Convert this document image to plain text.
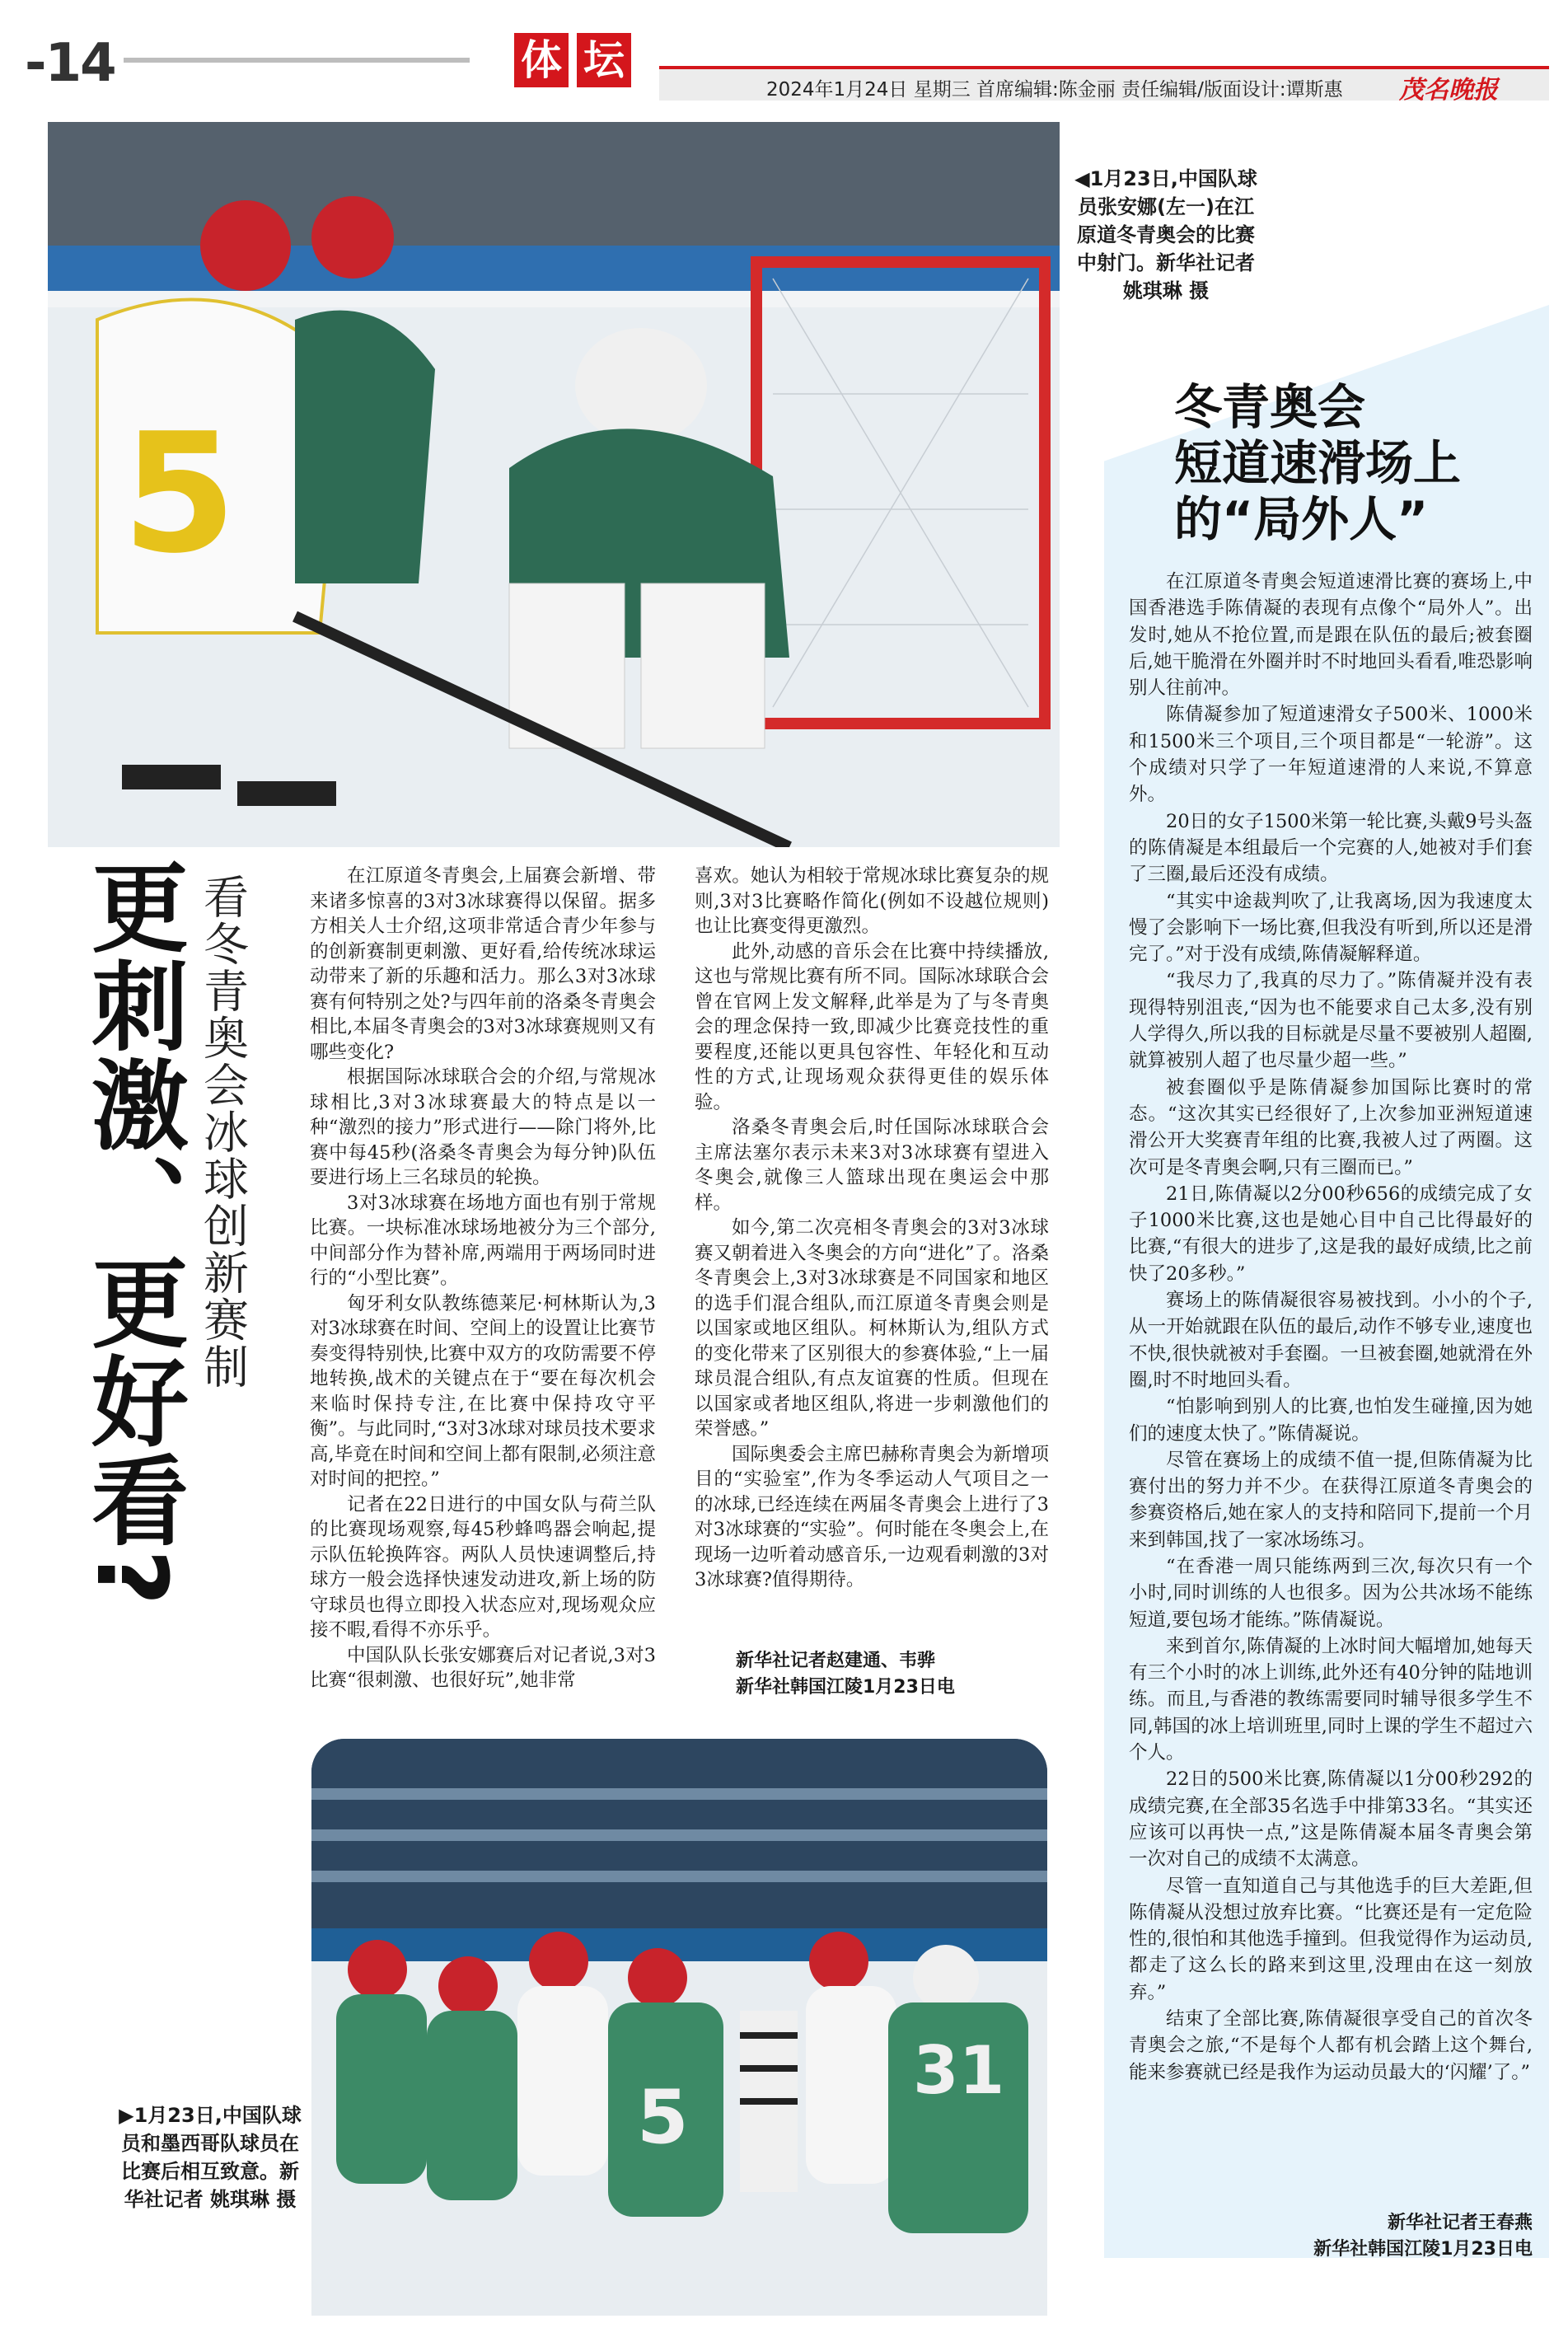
-14	体 坛
2024年1月24日 星期三 首席编辑:陈金丽 责任编辑/版面设计:谭斯惠 茂名晚报
5
◀1月23日,中国队球员张安娜(左一)在江原道冬青奥会的比赛中射门。新华社记者姚琪琳 摄
冬青奥会
短道速滑场上
的“局外人”

在江原道冬青奥会短道速滑比赛的赛场上,中国香港选手陈倩凝的表现有点像个“局外人”。出发时,她从不抢位置,而是跟在队伍的最后;被套圈后,她干脆滑在外圈并时不时地回头看看,唯恐影响别人往前冲。

陈倩凝参加了短道速滑女子500米、1000米和1500米三个项目,三个项目都是“一轮游”。这个成绩对只学了一年短道速滑的人来说,不算意外。

20日的女子1500米第一轮比赛,头戴9号头盔的陈倩凝是本组最后一个完赛的人,她被对手们套了三圈,最后还没有成绩。

“其实中途裁判吹了,让我离场,因为我速度太慢了会影响下一场比赛,但我没有听到,所以还是滑完了。”对于没有成绩,陈倩凝解释道。

“我尽力了,我真的尽力了。”陈倩凝并没有表现得特别沮丧,“因为也不能要求自己太多,没有别人学得久,所以我的目标就是尽量不要被别人超圈,就算被别人超了也尽量少超一些。”

被套圈似乎是陈倩凝参加国际比赛时的常态。“这次其实已经很好了,上次参加亚洲短道速滑公开大奖赛青年组的比赛,我被人过了两圈。这次可是冬青奥会啊,只有三圈而已。”

21日,陈倩凝以2分00秒656的成绩完成了女子1000米比赛,这也是她心目中自己比得最好的比赛,“有很大的进步了,这是我的最好成绩,比之前快了20多秒。”

赛场上的陈倩凝很容易被找到。小小的个子,从一开始就跟在队伍的最后,动作不够专业,速度也不快,很快就被对手套圈。一旦被套圈,她就滑在外圈,时不时地回头看。

“怕影响到别人的比赛,也怕发生碰撞,因为她们的速度太快了。”陈倩凝说。

尽管在赛场上的成绩不值一提,但陈倩凝为比赛付出的努力并不少。在获得江原道冬青奥会的参赛资格后,她在家人的支持和陪同下,提前一个月来到韩国,找了一家冰场练习。

“在香港一周只能练两到三次,每次只有一个小时,同时训练的人也很多。因为公共冰场不能练短道,要包场才能练。”陈倩凝说。

来到首尔,陈倩凝的上冰时间大幅增加,她每天有三个小时的冰上训练,此外还有40分钟的陆地训练。而且,与香港的教练需要同时辅导很多学生不同,韩国的冰上培训班里,同时上课的学生不超过六个人。

22日的500米比赛,陈倩凝以1分00秒292的成绩完赛,在全部35名选手中排第33名。“其实还应该可以再快一点,”这是陈倩凝本届冬青奥会第一次对自己的成绩不太满意。

尽管一直知道自己与其他选手的巨大差距,但陈倩凝从没想过放弃比赛。“比赛还是有一定危险性的,很怕和其他选手撞到。但我觉得作为运动员,都走了这么长的路来到这里,没理由在这一刻放弃。”

结束了全部比赛,陈倩凝很享受自己的首次冬青奥会之旅,“不是每个人都有机会踏上这个舞台,能来参赛就已经是我作为运动员最大的‘闪耀’了。”

新华社记者王春燕
新华社韩国江陵1月23日电
更刺激、更好看? 看冬青奥会冰球创新赛制	在江原道冬青奥会,上届赛会新增、带来诸多惊喜的3对3冰球赛得以保留。据多方相关人士介绍,这项非常适合青少年参与的创新赛制更刺激、更好看,给传统冰球运动带来了新的乐趣和活力。那么3对3冰球赛有何特别之处?与四年前的洛桑冬青奥会相比,本届冬青奥会的3对3冰球赛规则又有哪些变化?

根据国际冰球联合会的介绍,与常规冰球相比,3对3冰球赛最大的特点是以一种“激烈的接力”形式进行——除门将外,比赛中每45秒(洛桑冬青奥会为每分钟)队伍要进行场上三名球员的轮换。

3对3冰球赛在场地方面也有别于常规比赛。一块标准冰球场地被分为三个部分,中间部分作为替补席,两端用于两场同时进行的“小型比赛”。

匈牙利女队教练德莱尼·柯林斯认为,3对3冰球赛在时间、空间上的设置让比赛节奏变得特别快,比赛中双方的攻防需要不停地转换,战术的关键点在于“要在每次机会来临时保持专注,在比赛中保持攻守平衡”。与此同时,“3对3冰球对球员技术要求高,毕竟在时间和空间上都有限制,必须注意对时间的把控。”

记者在22日进行的中国女队与荷兰队的比赛现场观察,每45秒蜂鸣器会响起,提示队伍轮换阵容。两队人员快速调整后,持球方一般会选择快速发动进攻,新上场的防守球员也得立即投入状态应对,现场观众应接不暇,看得不亦乐乎。

中国队队长张安娜赛后对记者说,3对3比赛“很刺激、也很好玩”,她非常

喜欢。她认为相较于常规冰球比赛复杂的规则,3对3比赛略作简化(例如不设越位规则)也让比赛变得更激烈。

此外,动感的音乐会在比赛中持续播放,这也与常规比赛有所不同。国际冰球联合会曾在官网上发文解释,此举是为了与冬青奥会的理念保持一致,即减少比赛竞技性的重要程度,还能以更具包容性、年轻化和互动性的方式,让现场观众获得更佳的娱乐体验。

洛桑冬青奥会后,时任国际冰球联合会主席法塞尔表示未来3对3冰球赛有望进入冬奥会,就像三人篮球出现在奥运会中那样。

如今,第二次亮相冬青奥会的3对3冰球赛又朝着进入冬奥会的方向“进化”了。洛桑冬青奥会上,3对3冰球赛是不同国家和地区的选手们混合组队,而江原道冬青奥会则是以国家或地区组队。柯林斯认为,组队方式的变化带来了区别很大的参赛体验,“上一届球员混合组队,有点友谊赛的性质。但现在以国家或者地区组队,将进一步刺激他们的荣誉感。”

国际奥委会主席巴赫称青奥会为新增项目的“实验室”,作为冬季运动人气项目之一的冰球,已经连续在两届冬青奥会上进行了3对3冰球赛的“实验”。何时能在冬奥会上,在现场一边听着动感音乐,一边观看刺激的3对3冰球赛?值得期待。

新华社记者赵建通、韦骅
新华社韩国江陵1月23日电
5
31
▶1月23日,中国队球员和墨西哥队球员在比赛后相互致意。新华社记者 姚琪琳 摄
